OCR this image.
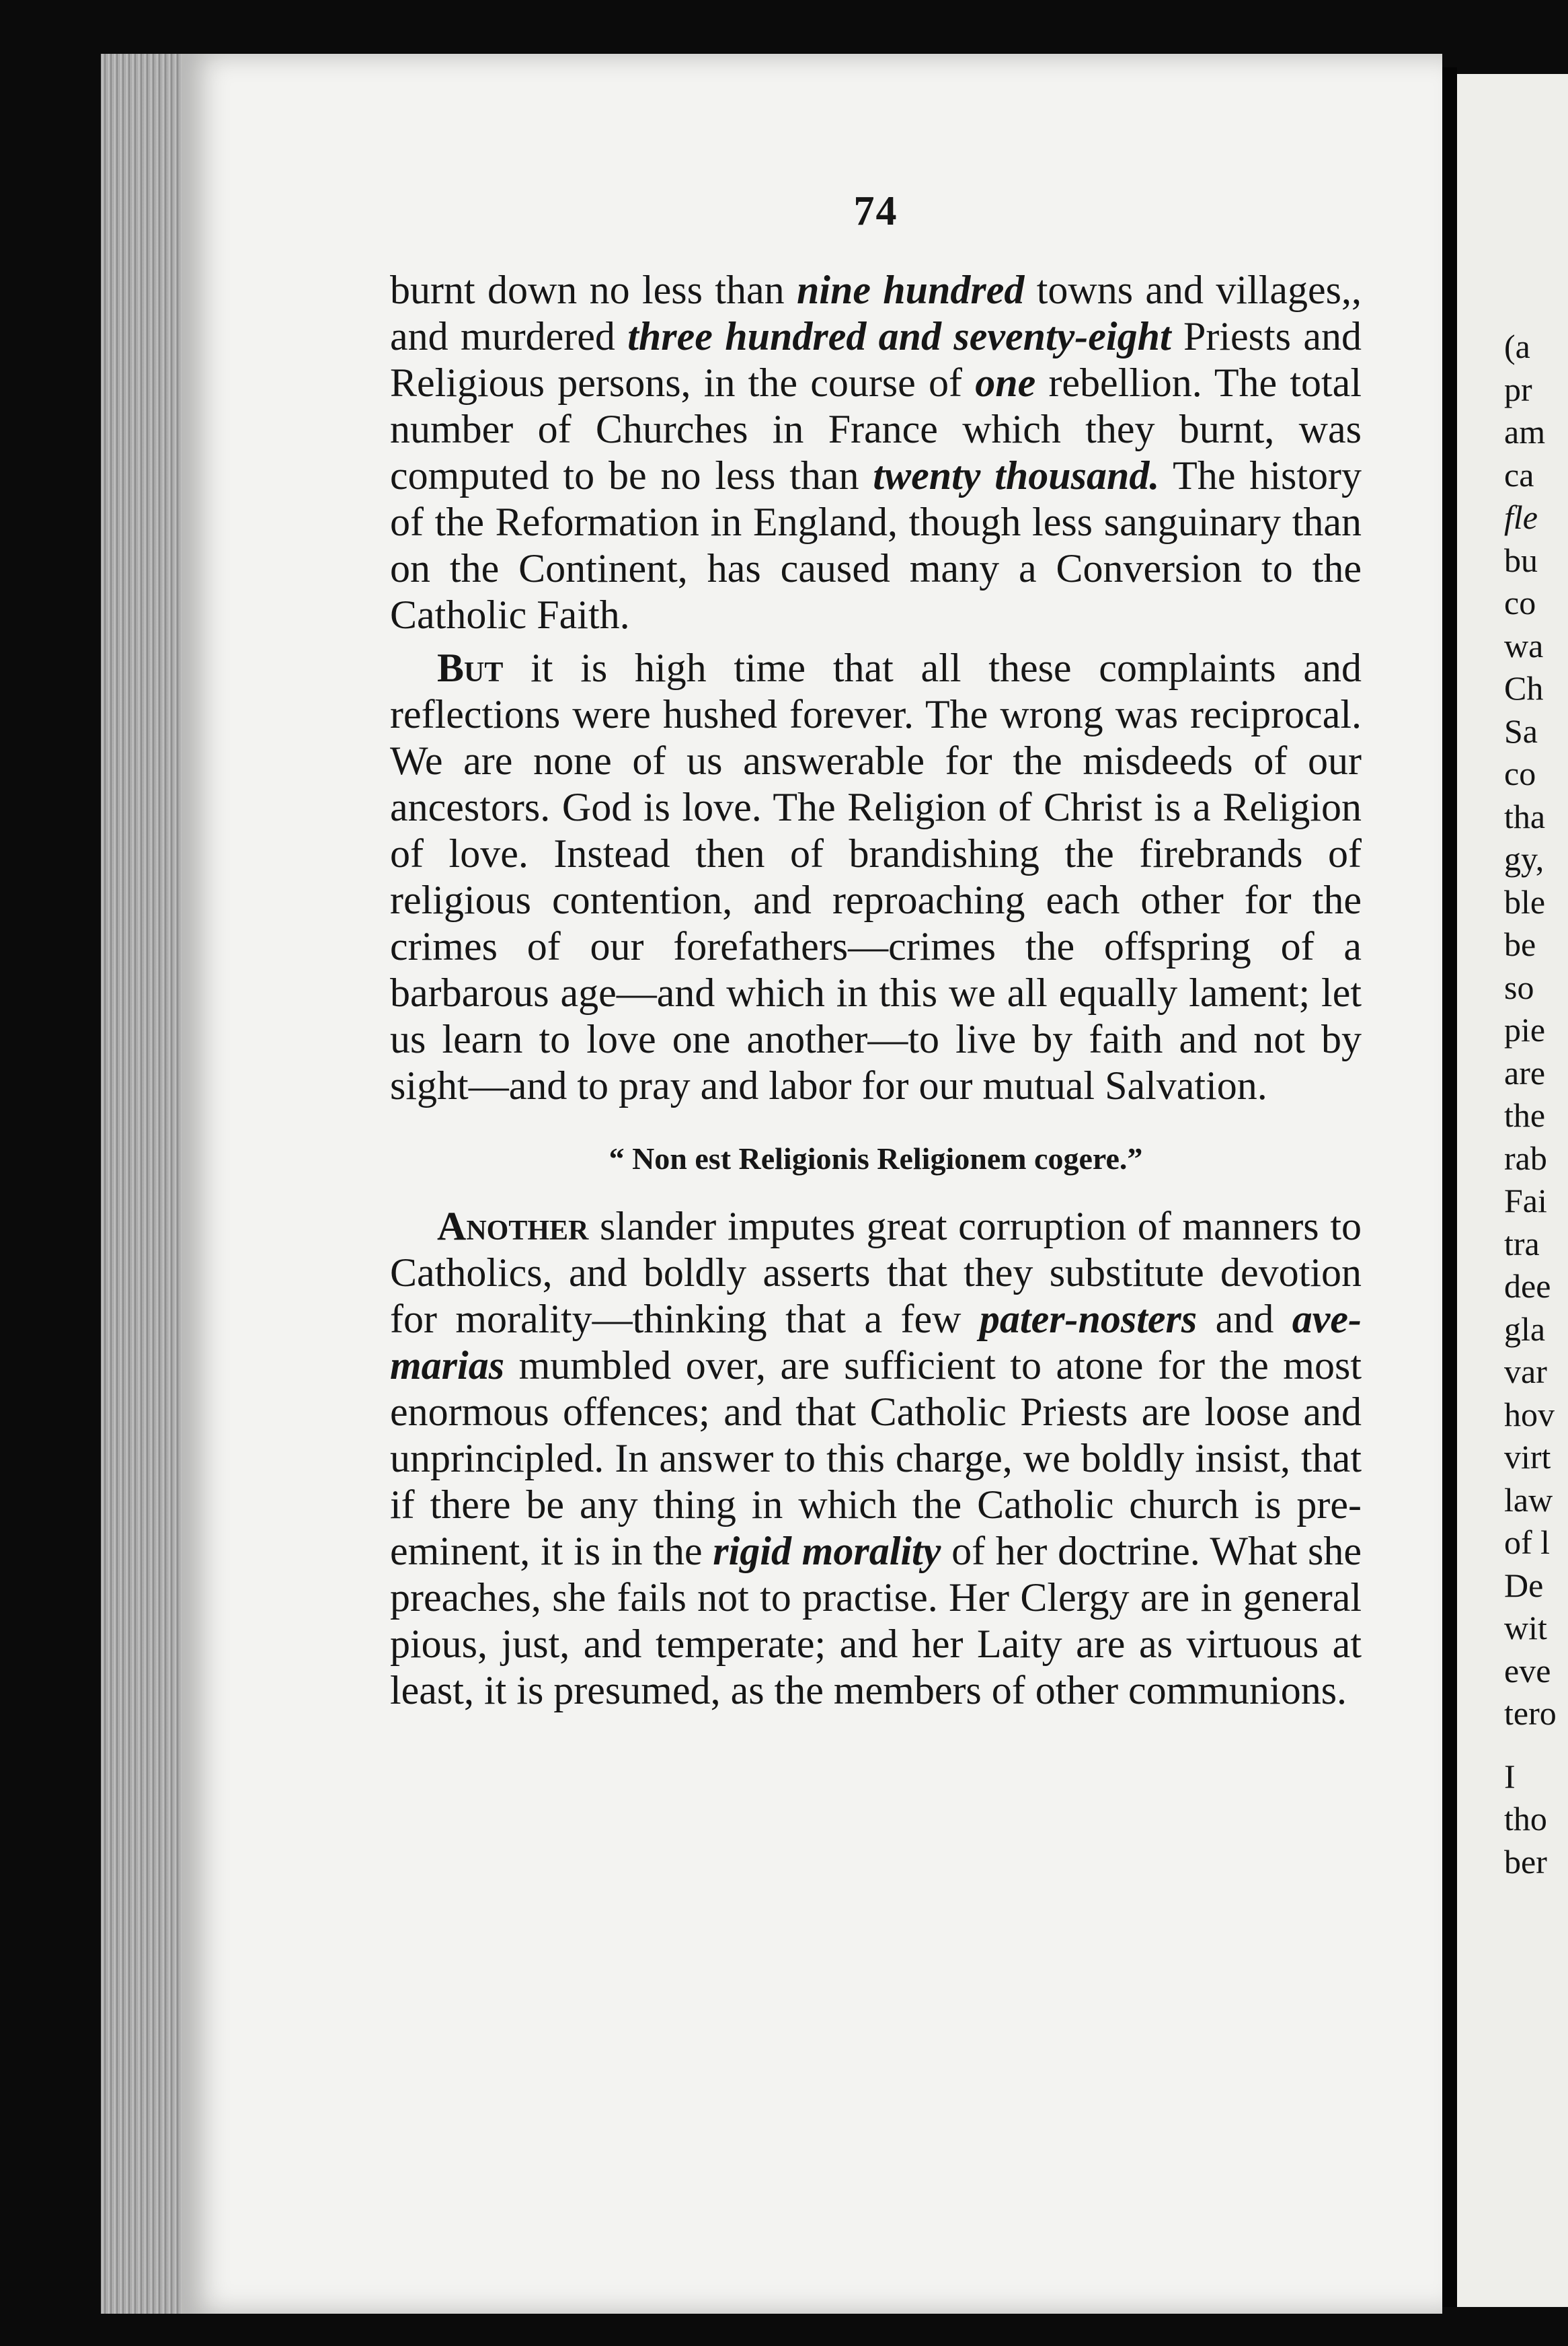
74

burnt down no less than nine hundred towns and villages,, and murdered three hundred and seventy-eight Priests and Religious persons, in the course of one rebellion. The total number of Churches in France which they burnt, was computed to be no less than twenty thousand. The history of the Reformation in England, though less sanguinary than on the Continent, has caused many a Conversion to the Catholic Faith.

But it is high time that all these complaints and reflections were hushed forever. The wrong was reciprocal. We are none of us answerable for the misdeeds of our ancestors. God is love. The Religion of Christ is a Religion of love. Instead then of brandishing the firebrands of religious contention, and reproaching each other for the crimes of our forefathers—crimes the offspring of a barbarous age—and which in this we all equally lament; let us learn to love one another—to live by faith and not by sight—and to pray and labor for our mutual Salvation.

“ Non est Religionis Religionem cogere.”

Another slander imputes great corruption of manners to Catholics, and boldly asserts that they substitute devotion for morality—thinking that a few pater-nosters and ave-marias mumbled over, are sufficient to atone for the most enormous offences; and that Catholic Priests are loose and unprincipled. In answer to this charge, we boldly insist, that if there be any thing in which the Catholic church is pre-eminent, it is in the rigid morality of her doctrine. What she preaches, she fails not to practise. Her Clergy are in general pious, just, and temperate; and her Laity are as virtuous at least, it is presumed, as the members of other communions.

(a
pr
am
ca
fle
bu
co
wa
Ch
Sa
co
tha
gy,
ble
be
so
pie
are
the
rab
Fai
tra
dee
gla
var
hov
virt
law
of l
De
wit
eve
tero
I
tho
ber
